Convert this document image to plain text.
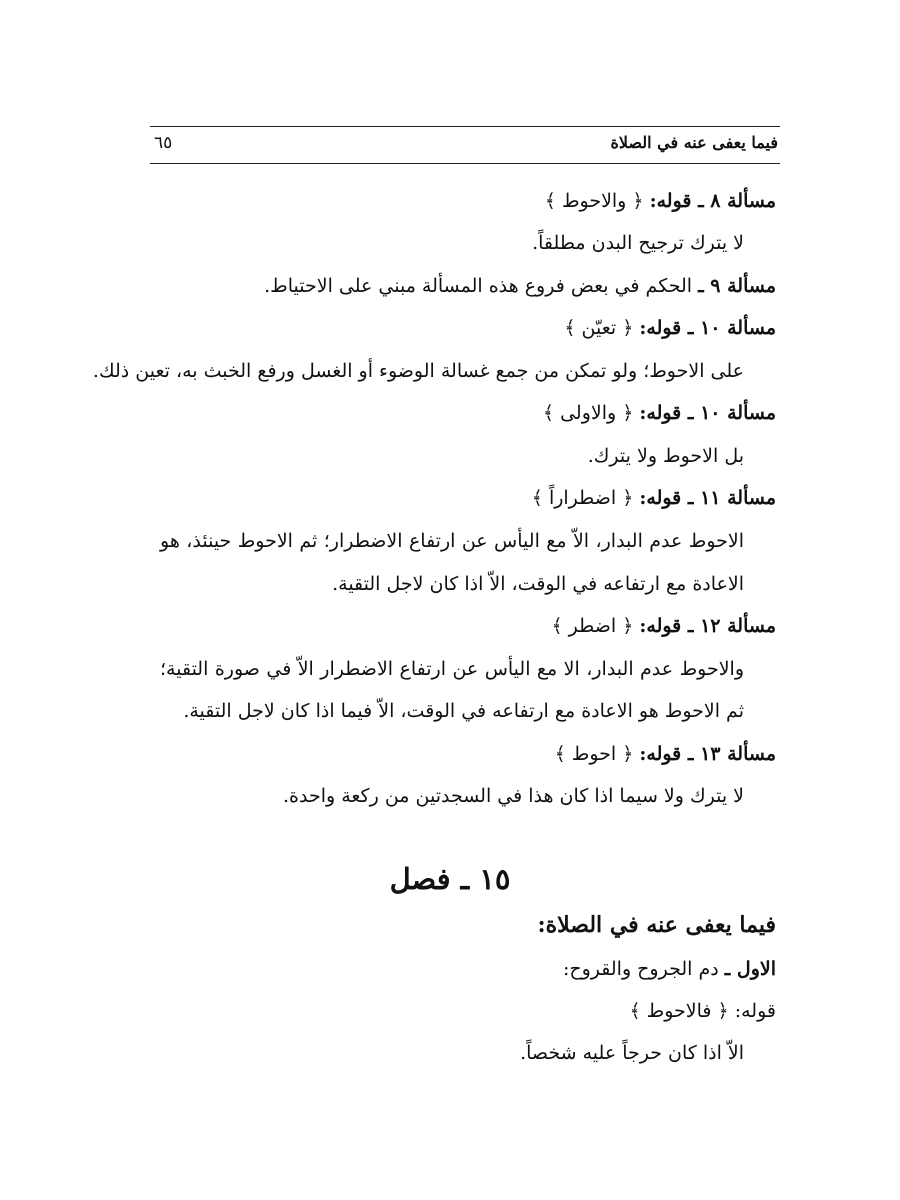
فيما يعفى عنه في الصلاة
٦٥
مسألة ٨ ـ قوله: ﴿ والاحوط ﴾
لا يترك ترجيح البدن مطلقاً.
مسألة ٩ ـ الحكم في بعض فروع هذه المسألة مبني على الاحتياط.
مسألة ١٠ ـ قوله: ﴿ تعيّن ﴾
على الاحوط؛ ولو تمكن من جمع غسالة الوضوء أو الغسل ورفع الخبث به، تعين ذلك.
مسألة ١٠ ـ قوله: ﴿ والاولى ﴾
بل الاحوط ولا يترك.
مسألة ١١ ـ قوله: ﴿ اضطراراً ﴾
الاحوط عدم البدار، الاّ مع اليأس عن ارتفاع الاضطرار؛ ثم الاحوط حينئذ، هو
الاعادة مع ارتفاعه في الوقت، الاّ اذا كان لاجل التقية.
مسألة ١٢ ـ قوله: ﴿ اضطر ﴾
والاحوط عدم البدار، الا مع اليأس عن ارتفاع الاضطرار الاّ في صورة التقية؛
ثم الاحوط هو الاعادة مع ارتفاعه في الوقت، الاّ فيما اذا كان لاجل التقية.
مسألة ١٣ ـ قوله: ﴿ احوط ﴾
لا يترك ولا سيما اذا كان هذا في السجدتين من ركعة واحدة.
١٥ ـ فصل
فيما يعفى عنه في الصلاة:
الاول ـ دم الجروح والقروح:
قوله: ﴿ فالاحوط ﴾
الاّ اذا كان حرجاً عليه شخصاً.
